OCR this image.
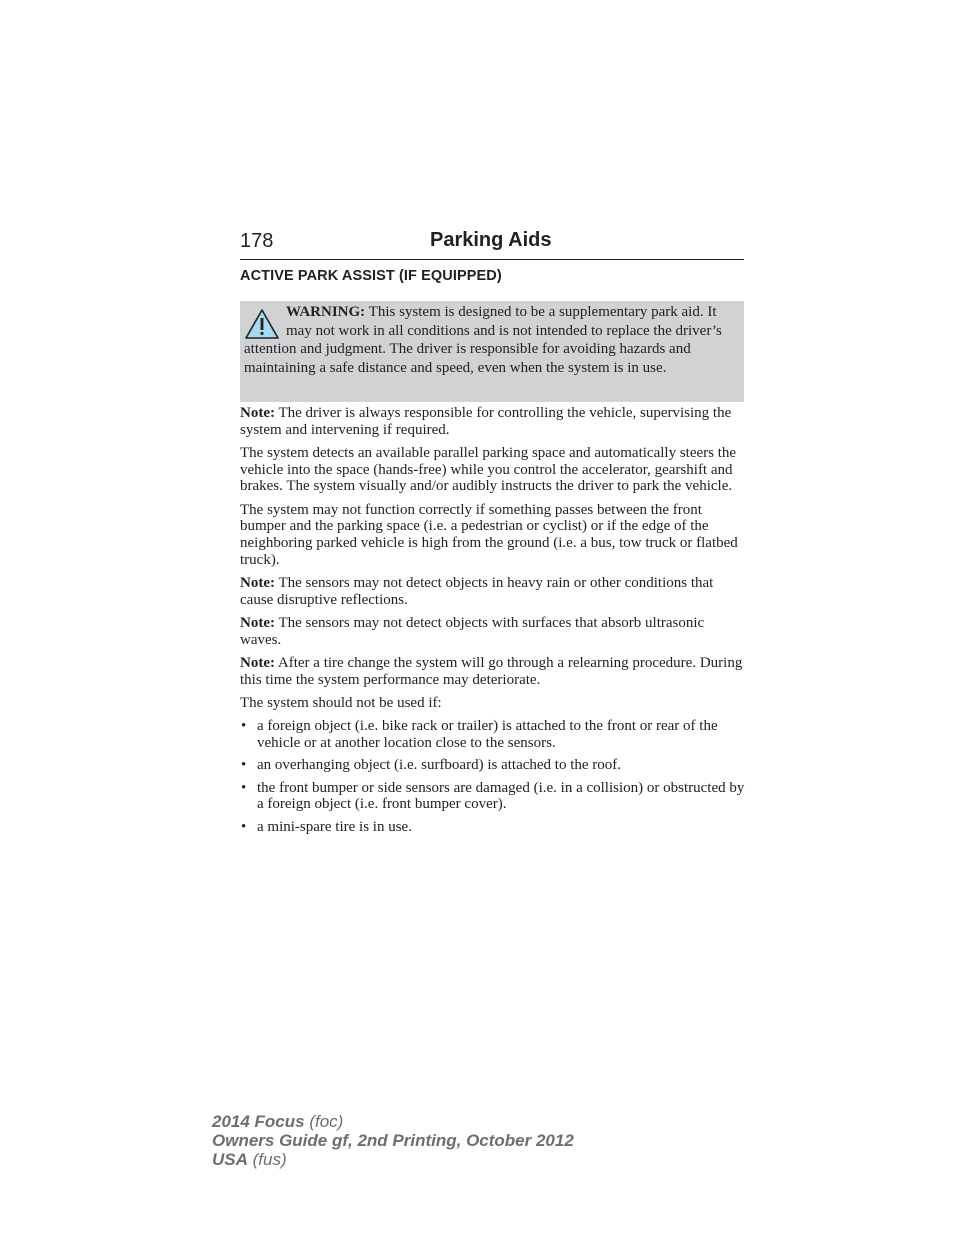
178	Parking Aids
ACTIVE PARK ASSIST (IF EQUIPPED)
WARNING: This system is designed to be a supplementary park aid. It may not work in all conditions and is not intended to replace the driver’s attention and judgment. The driver is responsible for avoiding hazards and maintaining a safe distance and speed, even when the system is in use.

Note: The driver is always responsible for controlling the vehicle, supervising the system and intervening if required.

The system detects an available parallel parking space and automatically steers the vehicle into the space (hands-free) while you control the accelerator, gearshift and brakes. The system visually and/or audibly instructs the driver to park the vehicle.

The system may not function correctly if something passes between the front bumper and the parking space (i.e. a pedestrian or cyclist) or if the edge of the neighboring parked vehicle is high from the ground (i.e. a bus, tow truck or flatbed truck).

Note: The sensors may not detect objects in heavy rain or other conditions that cause disruptive reflections.

Note: The sensors may not detect objects with surfaces that absorb ultrasonic waves.

Note: After a tire change the system will go through a relearning procedure. During this time the system performance may deteriorate.

The system should not be used if:

• a foreign object (i.e. bike rack or trailer) is attached to the front or rear of the vehicle or at another location close to the sensors.
• an overhanging object (i.e. surfboard) is attached to the roof.
• the front bumper or side sensors are damaged (i.e. in a collision) or obstructed by a foreign object (i.e. front bumper cover).
• a mini-spare tire is in use.
2014 Focus (foc)
Owners Guide gf, 2nd Printing, October 2012
USA (fus)
